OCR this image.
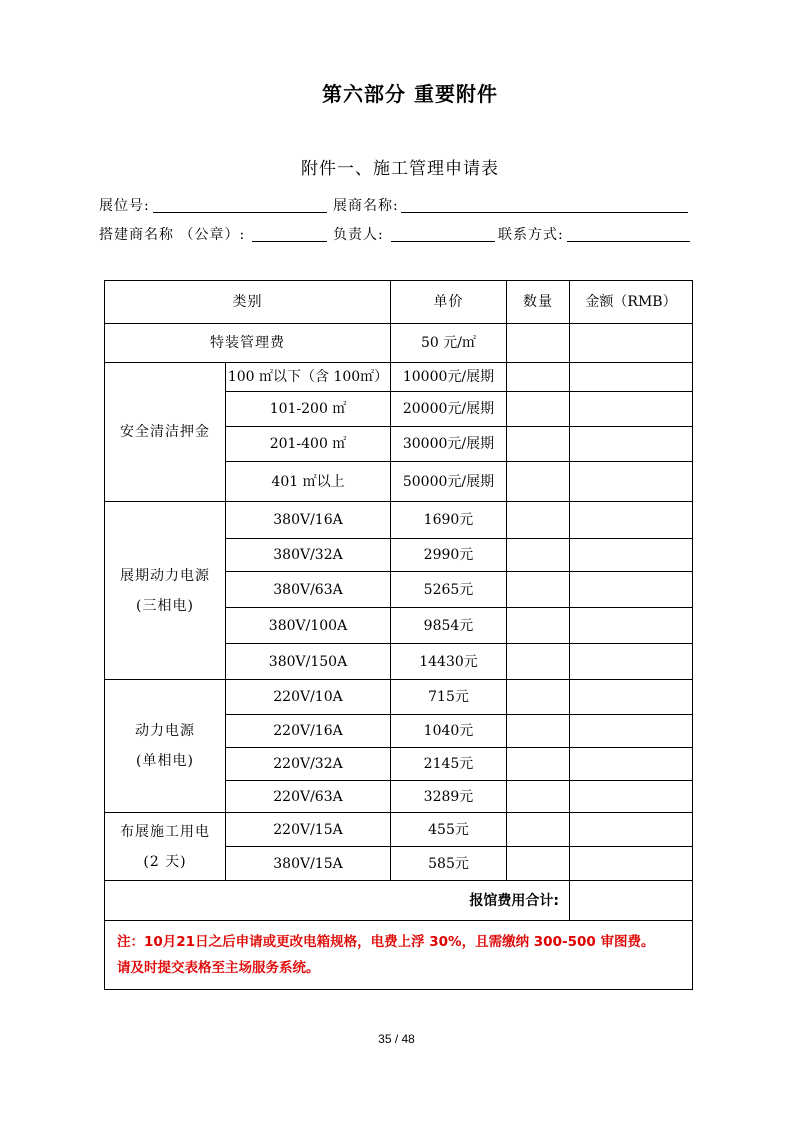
第六部分 重要附件
附件一、施工管理申请表
展位号:	展商名称:
搭建商名称 （公章）:	负责人:	联系方式:
类别		单价	数量	金额（RMB）
特装管理费		50 元/㎡		
安全清洁押金	100 ㎡以下（含 100㎡）	10000元/展期		
	101-200 ㎡	20000元/展期		
	201-400 ㎡	30000元/展期		
	401 ㎡以上	50000元/展期		

展期动力电源
(三相电)	380V/16A	1690元		
	380V/32A	2990元		
	380V/63A	5265元		
	380V/100A	9854元		
	380V/150A	14430元		

动力电源
(单相电)	220V/10A	715元		
	220V/16A	1040元		
	220V/32A	2145元		
	220V/63A	3289元		

布展施工用电
(2 天)	220V/15A	455元		
	380V/15A	585元		
报馆费用合计:				

注：10月21日之后申请或更改电箱规格，电费上浮 30%，且需缴纳 300-500 审图费。
请及时提交表格至主场服务系统。				
35 / 48
